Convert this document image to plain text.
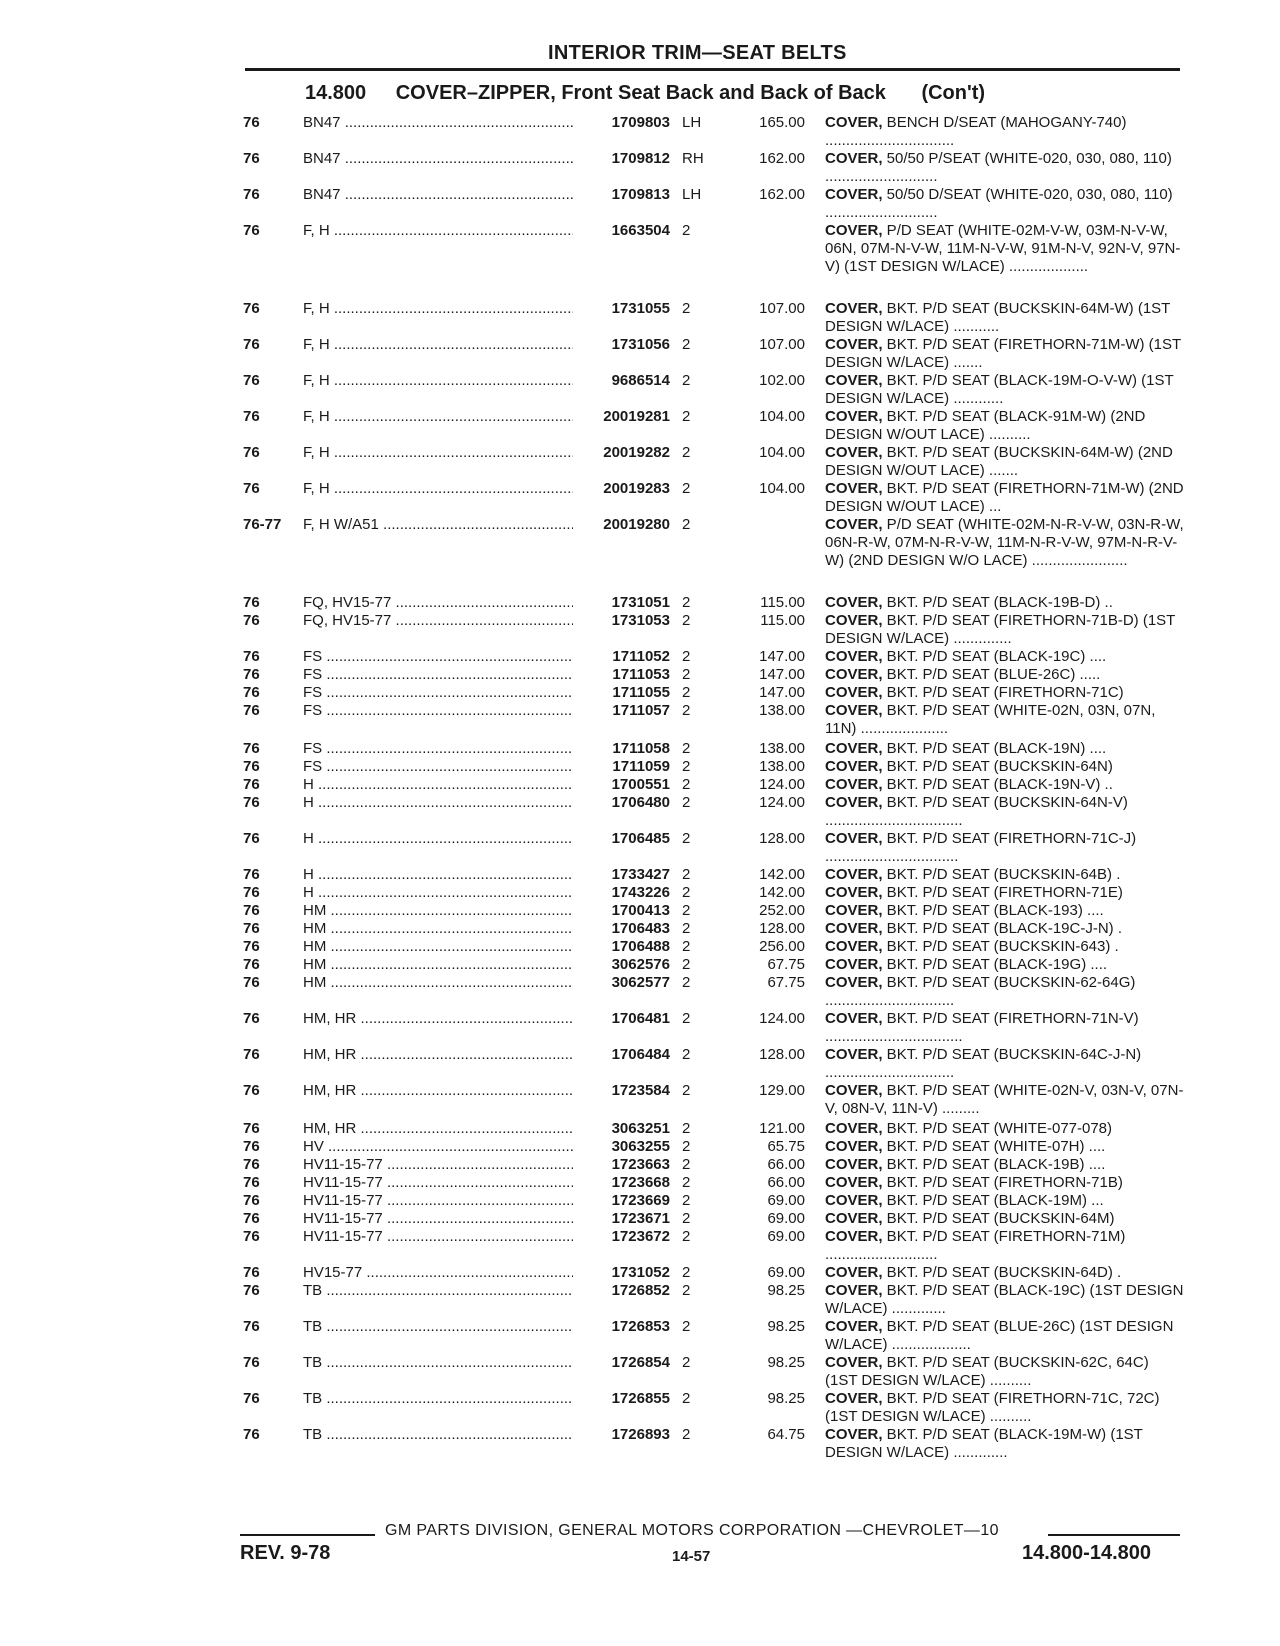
INTERIOR TRIM—SEAT BELTS
14.800 COVER–ZIPPER, Front Seat Back and Back of Back (Con't)
76	BN47 .....	1709803 LH	165.00 COVER, BENCH D/SEAT (MAHOGANY-740) ...............................
76	BN47 .....	1709812 RH	162.00 COVER, 50/50 P/SEAT (WHITE-020, 030, 080, 110) ...........................
76	BN47 .....	1709813 LH	162.00 COVER, 50/50 D/SEAT (WHITE-020, 030, 080, 110) ...........................
76	F, H .....	1663504 2	COVER, P/D SEAT (WHITE-02M-V-W, 03M-N-V-W, 06N, 07M-N-V-W, 11M-N-V-W, 91M-N-V, 92N-V, 97N-V) (1ST DESIGN W/LACE) ...................
76	F, H .....	1731055 2	107.00 COVER, BKT. P/D SEAT (BUCKSKIN-64M-W) (1ST DESIGN W/LACE) ...........
76	F, H .....	1731056 2	107.00 COVER, BKT. P/D SEAT (FIRETHORN-71M-W) (1ST DESIGN W/LACE) .......
76	F, H .....	9686514 2	102.00 COVER, BKT. P/D SEAT (BLACK-19M-O-V-W) (1ST DESIGN W/LACE) ............
76	F, H .....	20019281 2	104.00 COVER, BKT. P/D SEAT (BLACK-91M-W) (2ND DESIGN W/OUT LACE) ..........
76	F, H .....	20019282 2	104.00 COVER, BKT. P/D SEAT (BUCKSKIN-64M-W) (2ND DESIGN W/OUT LACE) .......
76	F, H .....	20019283 2	104.00 COVER, BKT. P/D SEAT (FIRETHORN-71M-W) (2ND DESIGN W/OUT LACE) ...
76-77 F, H W/A51 .....	20019280 2	COVER, P/D SEAT (WHITE-02M-N-R-V-W, 03N-R-W, 06N-R-W, 07M-N-R-V-W, 11M-N-R-V-W, 97M-N-R-V-W) (2ND DESIGN W/O LACE) .......................
76	FQ, HV15-77 .....	1731051 2	115.00 COVER, BKT. P/D SEAT (BLACK-19B-D) ..
76	FQ, HV15-77 .....	1731053 2	115.00 COVER, BKT. P/D SEAT (FIRETHORN-71B-D) (1ST DESIGN W/LACE) ..............
76	FS .....	1711052 2	147.00 COVER, BKT. P/D SEAT (BLACK-19C) ....
76	FS .....	1711053 2	147.00 COVER, BKT. P/D SEAT (BLUE-26C) .....
76	FS .....	1711055 2	147.00 COVER, BKT. P/D SEAT (FIRETHORN-71C)
76	FS .....	1711057 2	138.00 COVER, BKT. P/D SEAT (WHITE-02N, 03N, 07N, 11N) .....................
76	FS .....	1711058 2	138.00 COVER, BKT. P/D SEAT (BLACK-19N) ....
76	FS .....	1711059 2	138.00 COVER, BKT. P/D SEAT (BUCKSKIN-64N)
76	H .....	1700551 2	124.00 COVER, BKT. P/D SEAT (BLACK-19N-V) ..
76	H .....	1706480 2	124.00 COVER, BKT. P/D SEAT (BUCKSKIN-64N-V) .................................
76	H .....	1706485 2	128.00 COVER, BKT. P/D SEAT (FIRETHORN-71C-J) ................................
76	H .....	1733427 2	142.00 COVER, BKT. P/D SEAT (BUCKSKIN-64B) .
76	H .....	1743226 2	142.00 COVER, BKT. P/D SEAT (FIRETHORN-71E)
76	HM .....	1700413 2	252.00 COVER, BKT. P/D SEAT (BLACK-193) ....
76	HM .....	1706483 2	128.00 COVER, BKT. P/D SEAT (BLACK-19C-J-N) .
76	HM .....	1706488 2	256.00 COVER, BKT. P/D SEAT (BUCKSKIN-643) .
76	HM .....	3062576 2	67.75 COVER, BKT. P/D SEAT (BLACK-19G) ....
76	HM .....	3062577 2	67.75 COVER, BKT. P/D SEAT (BUCKSKIN-62-64G) ...............................
76	HM, HR .....	1706481 2	124.00 COVER, BKT. P/D SEAT (FIRETHORN-71N-V) .................................
76	HM, HR .....	1706484 2	128.00 COVER, BKT. P/D SEAT (BUCKSKIN-64C-J-N) ...............................
76	HM, HR .....	1723584 2	129.00 COVER, BKT. P/D SEAT (WHITE-02N-V, 03N-V, 07N-V, 08N-V, 11N-V) .........
76	HM, HR .....	3063251 2	121.00 COVER, BKT. P/D SEAT (WHITE-077-078)
76	HV .....	3063255 2	65.75 COVER, BKT. P/D SEAT (WHITE-07H) ....
76	HV11-15-77 .....	1723663 2	66.00 COVER, BKT. P/D SEAT (BLACK-19B) ....
76	HV11-15-77 .....	1723668 2	66.00 COVER, BKT. P/D SEAT (FIRETHORN-71B)
76	HV11-15-77 .....	1723669 2	69.00 COVER, BKT. P/D SEAT (BLACK-19M) ...
76	HV11-15-77 .....	1723671 2	69.00 COVER, BKT. P/D SEAT (BUCKSKIN-64M)
76	HV11-15-77 .....	1723672 2	69.00 COVER, BKT. P/D SEAT (FIRETHORN-71M) ...........................
76	HV15-77 .....	1731052 2	69.00 COVER, BKT. P/D SEAT (BUCKSKIN-64D) .
76	TB .....	1726852 2	98.25 COVER, BKT. P/D SEAT (BLACK-19C) (1ST DESIGN W/LACE) .............
76	TB .....	1726853 2	98.25 COVER, BKT. P/D SEAT (BLUE-26C) (1ST DESIGN W/LACE) ...................
76	TB .....	1726854 2	98.25 COVER, BKT. P/D SEAT (BUCKSKIN-62C, 64C) (1ST DESIGN W/LACE) ..........
76	TB .....	1726855 2	98.25 COVER, BKT. P/D SEAT (FIRETHORN-71C, 72C) (1ST DESIGN W/LACE) ..........
76	TB .....	1726893 2	64.75 COVER, BKT. P/D SEAT (BLACK-19M-W) (1ST DESIGN W/LACE) .............
GM PARTS DIVISION, GENERAL MOTORS CORPORATION —CHEVROLET—10
REV. 9-78	14-57	14.800-14.800
